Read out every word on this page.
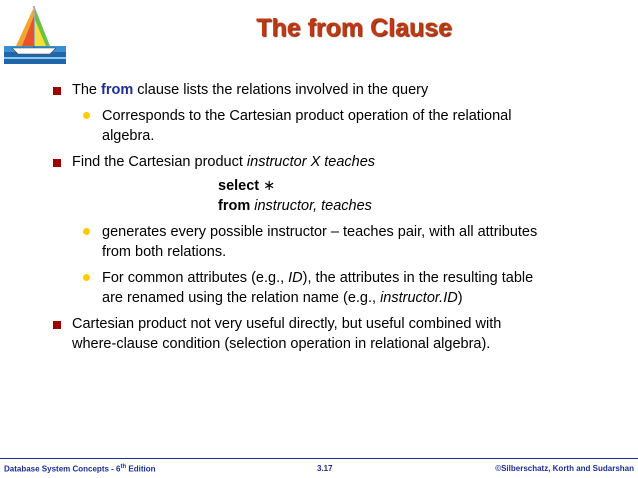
The from Clause
The from clause lists the relations involved in the query
Corresponds to the Cartesian product operation of the relational
algebra.
Find the Cartesian product instructor X teaches
select ∗
from instructor, teaches
generates every possible instructor – teaches pair, with all attributes
from both relations.
For common attributes (e.g., ID), the attributes in the resulting table
are renamed using the relation name (e.g., instructor.ID)
Cartesian product not very useful directly, but useful combined with
where-clause condition (selection operation in relational algebra).
Database System Concepts - 6th Edition	3.17	©Silberschatz, Korth and Sudarshan
